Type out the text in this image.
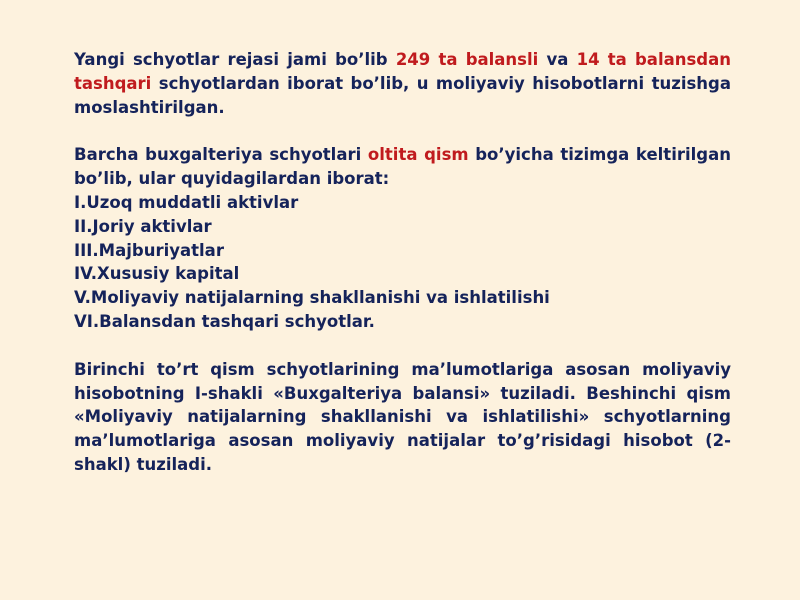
Yangi schyotlar rejasi jami bo’lib 249 ta balansli va 14 ta balansdan tashqari schyotlardan iborat bo’lib, u moliyaviy hisobotlarni tuzishga moslashtirilgan.

Barcha buxgalteriya schyotlari oltita qism bo’yicha tizimga keltirilgan bo’lib, ular quyidagilardan iborat:

I.Uzoq muddatli aktivlar
II.Joriy aktivlar
III.Majburiyatlar
IV.Xususiy kapital
V.Moliyaviy natijalarning shakllanishi va ishlatilishi
VI.Balansdan tashqari schyotlar.

Birinchi to’rt qism schyotlarining ma’lumotlariga asosan moliyaviy hisobotning I-shakli «Buxgalteriya balansi» tuziladi. Beshinchi qism «Moliyaviy natijalarning shakllanishi va ishlatilishi» schyotlarning ma’lumotlariga asosan moliyaviy natijalar to’g’risidagi hisobot (2-shakl) tuziladi.
